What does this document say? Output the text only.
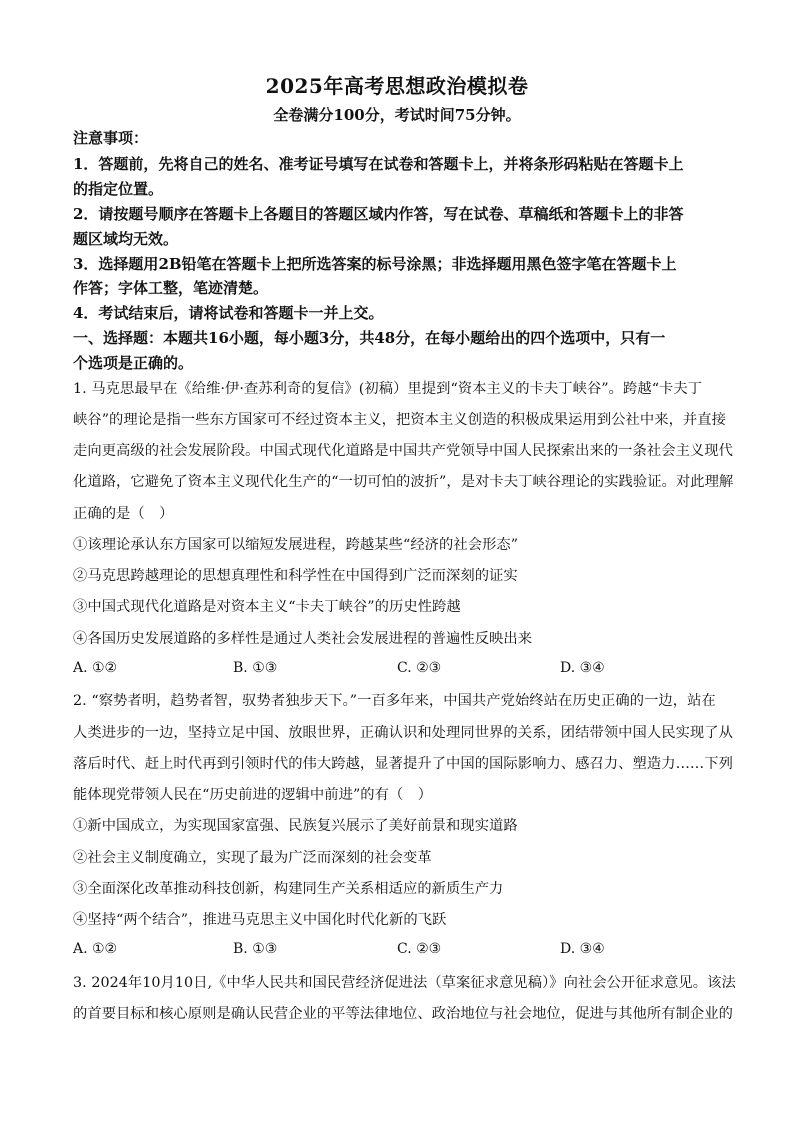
2025年高考思想政治模拟卷
全卷满分100分，考试时间75分钟。
注意事项：
1．答题前，先将自己的姓名、准考证号填写在试卷和答题卡上，并将条形码粘贴在答题卡上
的指定位置。
2．请按题号顺序在答题卡上各题目的答题区域内作答，写在试卷、草稿纸和答题卡上的非答
题区域均无效。
3．选择题用2B铅笔在答题卡上把所选答案的标号涂黑；非选择题用黑色签字笔在答题卡上
作答；字体工整，笔迹清楚。
4．考试结束后，请将试卷和答题卡一并上交。
一、选择题：本题共16小题，每小题3分，共48分，在每小题给出的四个选项中，只有一
个选项是正确的。
1. 马克思最早在《给维·伊·查苏利奇的复信》(初稿）里提到“资本主义的卡夫丁峡谷”。跨越“卡夫丁
峡谷”的理论是指一些东方国家可不经过资本主义，把资本主义创造的积极成果运用到公社中来，并直接
走向更高级的社会发展阶段。中国式现代化道路是中国共产党领导中国人民探索出来的一条社会主义现代
化道路，它避免了资本主义现代化生产的“一切可怕的波折”，是对卡夫丁峡谷理论的实践验证。对此理解
正确的是（　）
①该理论承认东方国家可以缩短发展进程，跨越某些“经济的社会形态”
②马克思跨越理论的思想真理性和科学性在中国得到广泛而深刻的证实
③中国式现代化道路是对资本主义“卡夫丁峡谷”的历史性跨越
④各国历史发展道路的多样性是通过人类社会发展进程的普遍性反映出来
A. ①②	B. ①③	C. ②③	D. ③④
2. “察势者明，趋势者智，驭势者独步天下。”一百多年来，中国共产党始终站在历史正确的一边，站在
人类进步的一边，坚持立足中国、放眼世界，正确认识和处理同世界的关系，团结带领中国人民实现了从
落后时代、赶上时代再到引领时代的伟大跨越，显著提升了中国的国际影响力、感召力、塑造力……下列
能体现党带领人民在“历史前进的逻辑中前进”的有（　）
①新中国成立，为实现国家富强、民族复兴展示了美好前景和现实道路
②社会主义制度确立，实现了最为广泛而深刻的社会变革
③全面深化改革推动科技创新，构建同生产关系相适应的新质生产力
④坚持“两个结合”，推进马克思主义中国化时代化新的飞跃
A. ①②	B. ①③	C. ②③	D. ③④
3. 2024年10月10日,《中华人民共和国民营经济促进法（草案征求意见稿）》向社会公开征求意见。该法
的首要目标和核心原则是确认民营企业的平等法律地位、政治地位与社会地位，促进与其他所有制企业的
